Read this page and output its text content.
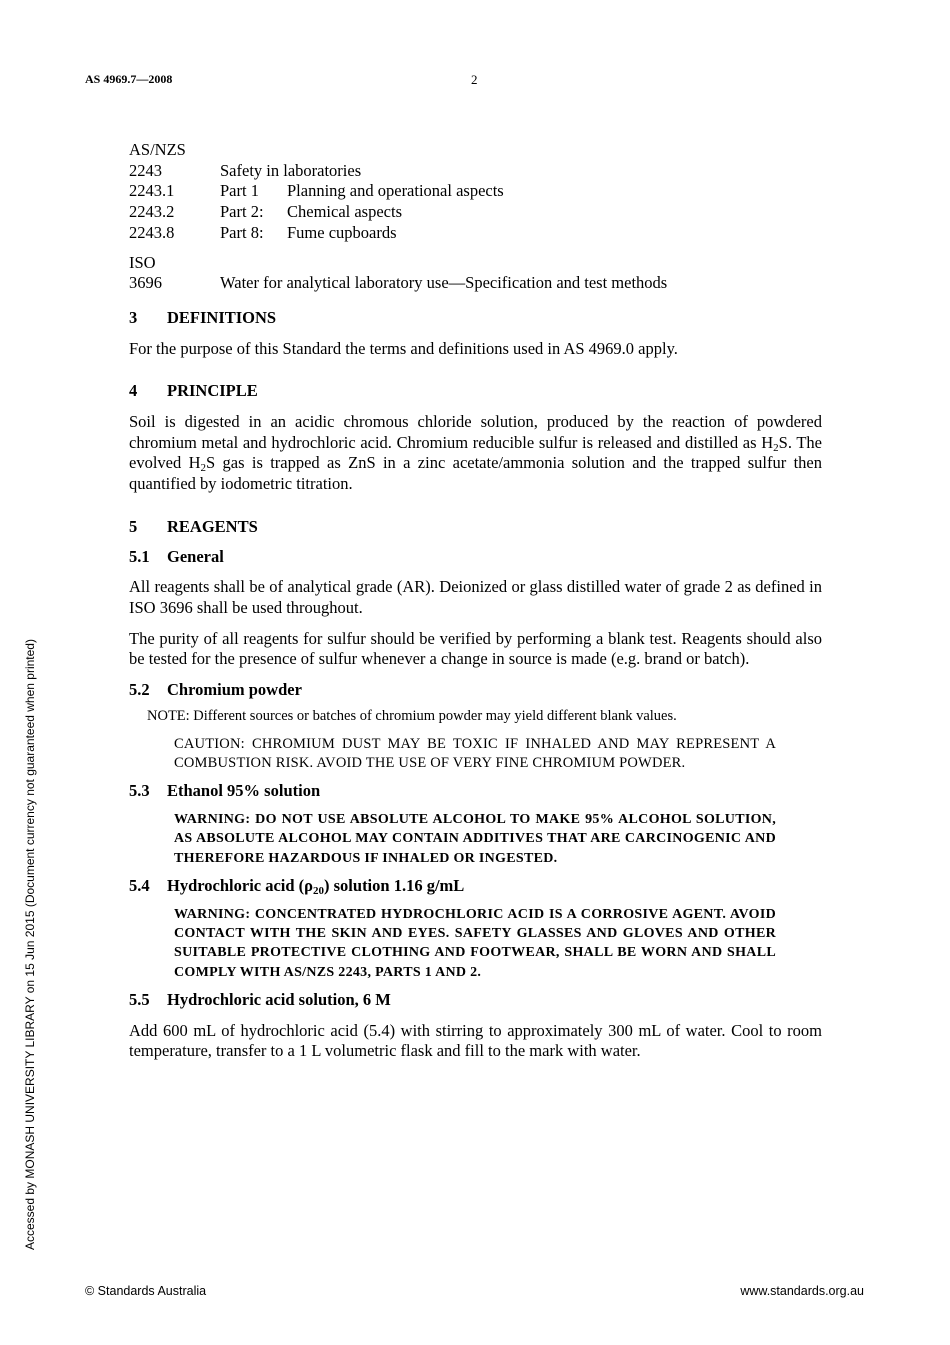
AS 4969.7—2008	2
Accessed by MONASH UNIVERSITY LIBRARY on 15 Jun 2015 (Document currency not guaranteed when printed)
AS/NZS
2243	Safety in laboratories
2243.1	Part 1	Planning and operational aspects
2243.2	Part 2:	Chemical aspects
2243.8	Part 8:	Fume cupboards
ISO
3696	Water for analytical laboratory use—Specification and test methods
3 DEFINITIONS

For the purpose of this Standard the terms and definitions used in AS 4969.0 apply.

4 PRINCIPLE

Soil is digested in an acidic chromous chloride solution, produced by the reaction of powdered chromium metal and hydrochloric acid. Chromium reducible sulfur is released and distilled as $H_2S$. The evolved $H_2S$ gas is trapped as ZnS in a zinc acetate/ammonia solution and the trapped sulfur then quantified by iodometric titration.

5 REAGENTS
5.1 General

All reagents shall be of analytical grade (AR). Deionized or glass distilled water of grade 2 as defined in ISO 3696 shall be used throughout.

The purity of all reagents for sulfur should be verified by performing a blank test. Reagents should also be tested for the presence of sulfur whenever a change in source is made (e.g. brand or batch).

5.2 Chromium powder
NOTE: Different sources or batches of chromium powder may yield different blank values.
CAUTION: CHROMIUM DUST MAY BE TOXIC IF INHALED AND MAY REPRESENT A COMBUSTION RISK. AVOID THE USE OF VERY FINE CHROMIUM POWDER.
5.3 Ethanol 95% solution
WARNING: DO NOT USE ABSOLUTE ALCOHOL TO MAKE 95% ALCOHOL SOLUTION, AS ABSOLUTE ALCOHOL MAY CONTAIN ADDITIVES THAT ARE CARCINOGENIC AND THEREFORE HAZARDOUS IF INHALED OR INGESTED.
5.4 Hydrochloric acid $(\rho_{20})$ solution 1.16 g/mL
WARNING: CONCENTRATED HYDROCHLORIC ACID IS A CORROSIVE AGENT. AVOID CONTACT WITH THE SKIN AND EYES. SAFETY GLASSES AND GLOVES AND OTHER SUITABLE PROTECTIVE CLOTHING AND FOOTWEAR, SHALL BE WORN AND SHALL COMPLY WITH AS/NZS 2243, PARTS 1 AND 2.
5.5 Hydrochloric acid solution, 6 M

Add 600 mL of hydrochloric acid (5.4) with stirring to approximately 300 mL of water. Cool to room temperature, transfer to a 1 L volumetric flask and fill to the mark with water.

© Standards Australia	www.standards.org.au
